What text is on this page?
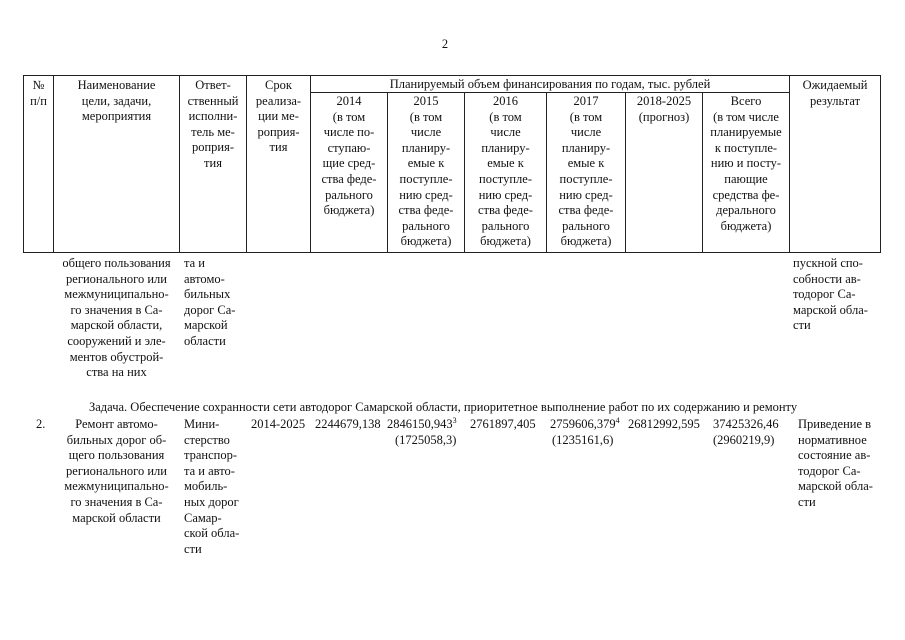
2
№
п/п
Наименование
цели, задачи,
мероприятия
Ответ-
ственный
исполни-
тель ме-
роприя-
тия
Срок
реализа-
ции ме-
роприя-
тия
Планируемый объем финансирования по годам, тыс. рублей
2014
(в том
числе по-
ступаю-
щие сред-
ства феде-
рального
бюджета)
2015
(в том
числе
планиру-
емые к
поступле-
нию сред-
ства феде-
рального
бюджета)
2016
(в том
числе
планиру-
емые к
поступле-
нию сред-
ства феде-
рального
бюджета)
2017
(в том
числе
планиру-
емые к
поступле-
нию сред-
ства феде-
рального
бюджета)
2018-2025
(прогноз)
Всего
(в том числе
планируемые
к поступле-
нию и посту-
пающие
средства фе-
дерального
бюджета)
Ожидаемый
результат
общего пользования
регионального или
межмуниципально-
го значения в Са-
марской области,
сооружений и эле-
ментов обустрой-
ства на них
та и
автомо-
бильных
дорог Са-
марской
области
пускной спо-
собности ав-
тодорог Са-
марской обла-
сти
Задача. Обеспечение сохранности сети автодорог Самарской области, приоритетное выполнение работ по их содержанию и ремонту
2.	Ремонт автомо-
бильных дорог об-
щего пользования
регионального или
межмуниципально-
го значения в Са-
марской области
Мини-
стерство
транспор-
та и авто-
мобиль-
ных дорог
Самар-
ской обла-
сти
2014-2025 2244679,138 2846150,943$^3$
(1725058,3)
2761897,405 2759606,379$^4$
(1235161,6)
26812992,595 37425326,46
(2960219,9)
Приведение в
нормативное
состояние ав-
тодорог Са-
марской обла-
сти
